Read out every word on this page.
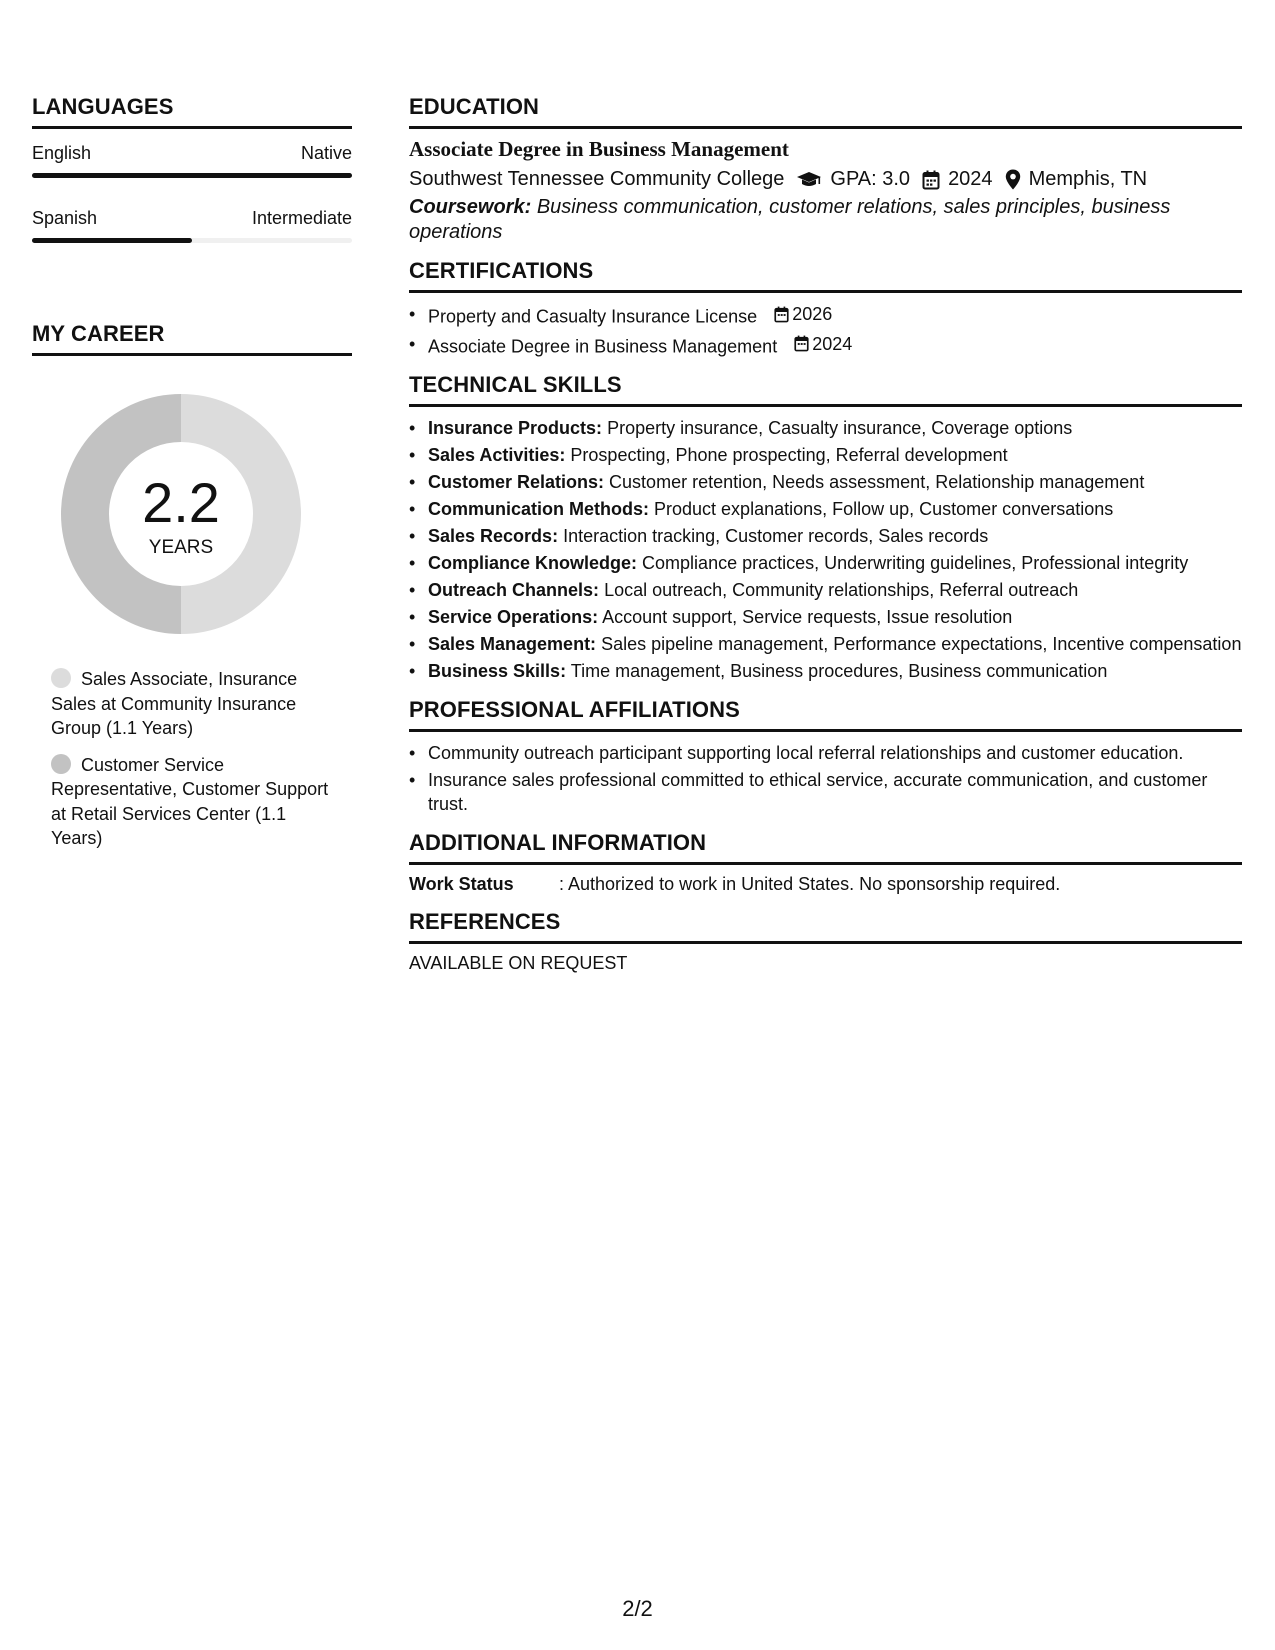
LANGUAGES
English	Native
Spanish	Intermediate
MY CAREER
2.2
YEARS
Sales Associate, Insurance Sales at Community Insurance Group (1.1 Years)
Customer Service Representative, Customer Support at Retail Services Center (1.1 Years)
EDUCATION
Associate Degree in Business Management
Southwest Tennessee Community College GPA: 3.0 2024 Memphis, TN
Coursework: Business communication, customer relations, sales principles, business operations
CERTIFICATIONS
• Property and Casualty Insurance License 2026
• Associate Degree in Business Management 2024
TECHNICAL SKILLS
• Insurance Products: Property insurance, Casualty insurance, Coverage options
• Sales Activities: Prospecting, Phone prospecting, Referral development
• Customer Relations: Customer retention, Needs assessment, Relationship management
• Communication Methods: Product explanations, Follow up, Customer conversations
• Sales Records: Interaction tracking, Customer records, Sales records
• Compliance Knowledge: Compliance practices, Underwriting guidelines, Professional integrity
• Outreach Channels: Local outreach, Community relationships, Referral outreach
• Service Operations: Account support, Service requests, Issue resolution
• Sales Management: Sales pipeline management, Performance expectations, Incentive compensation
• Business Skills: Time management, Business procedures, Business communication
PROFESSIONAL AFFILIATIONS
• Community outreach participant supporting local referral relationships and customer education.
• Insurance sales professional committed to ethical service, accurate communication, and customer trust.
ADDITIONAL INFORMATION
Work Status	: Authorized to work in United States. No sponsorship required.
REFERENCES
AVAILABLE ON REQUEST
2/2
